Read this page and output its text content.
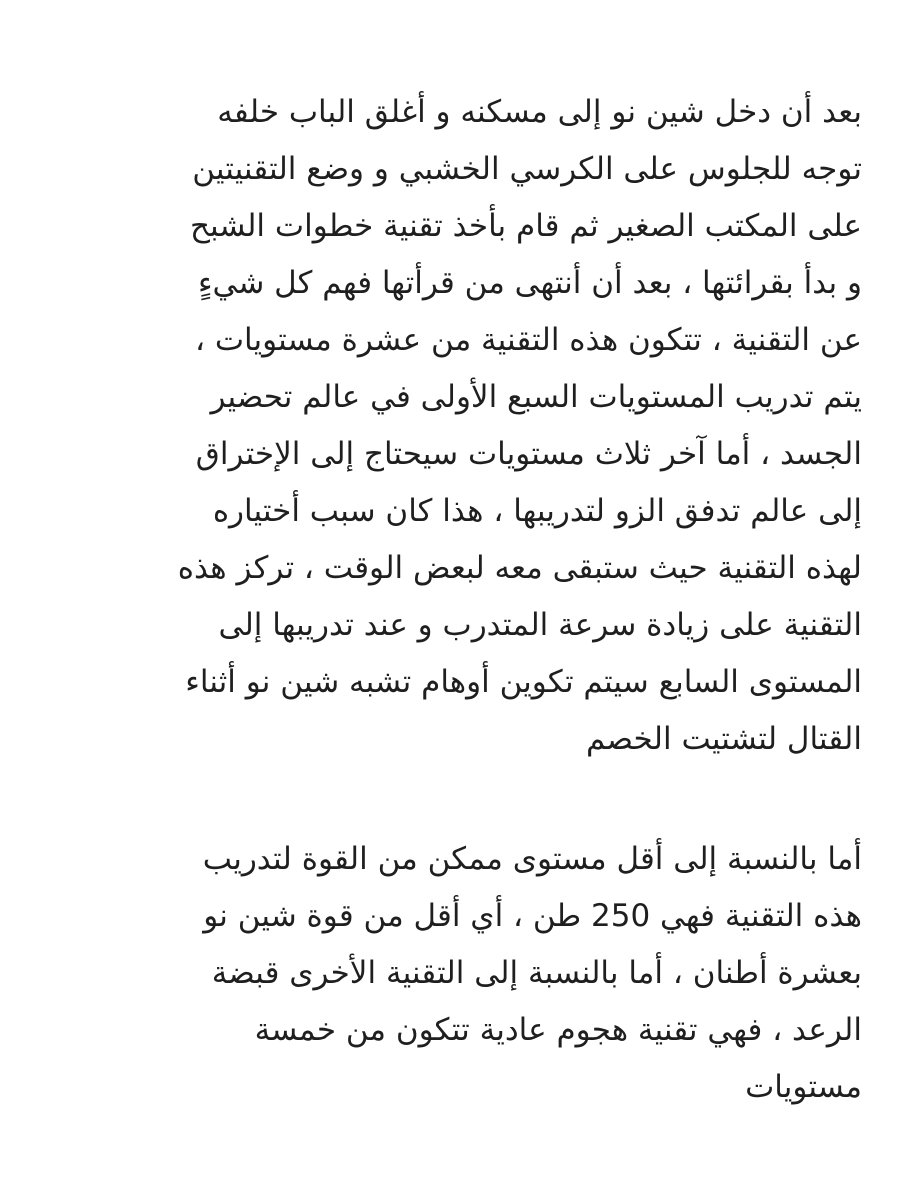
بعد أن دخل شين نو إلى مسكنه و أغلق الباب خلفه
توجه للجلوس على الكرسي الخشبي و وضع التقنيتين
على المكتب الصغير ثم قام بأخذ تقنية خطوات الشبح
و بدأ بقرائتها ، بعد أن أنتهى من قرأتها فهم كل شيءٍ
عن التقنية ، تتكون هذه التقنية من عشرة مستويات ،
يتم تدريب المستويات السبع الأولى في عالم تحضير
الجسد ، أما آخر ثلاث مستويات سيحتاج إلى الإختراق
إلى عالم تدفق الزو لتدريبها ، هذا كان سبب أختياره
لهذه التقنية حيث ستبقى معه لبعض الوقت ، تركز هذه
التقنية على زيادة سرعة المتدرب و عند تدريبها إلى
المستوى السابع سيتم تكوين أوهام تشبه شين نو أثناء
القتال لتشتيت الخصم
أما بالنسبة إلى أقل مستوى ممكن من القوة لتدريب
هذه التقنية فهي 250 طن ، أي أقل من قوة شين نو
بعشرة أطنان ، أما بالنسبة إلى التقنية الأخرى قبضة
الرعد ، فهي تقنية هجوم عادية تتكون من خمسة
مستويات
